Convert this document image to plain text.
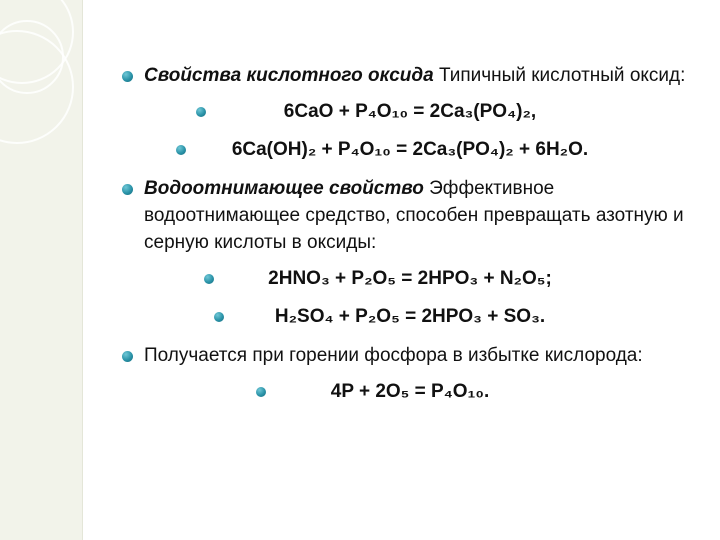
Свойства кислотного оксида Типичный кислотный оксид:
6CaO + P₄O₁₀ = 2Ca₃(PO₄)₂,
6Ca(OH)₂ + P₄O₁₀ = 2Ca₃(PO₄)₂ + 6H₂O.
Водоотнимающее свойство Эффективное водоотнимающее средство, способен превращать азотную и серную кислоты в оксиды:
2HNO₃ + P₂O₅ = 2HPO₃ + N₂O₅;
H₂SO₄ + P₂O₅ = 2HPO₃ + SO₃.
Получается при горении фосфора в избытке кислорода:
4P + 2O₅ = P₄O₁₀.
